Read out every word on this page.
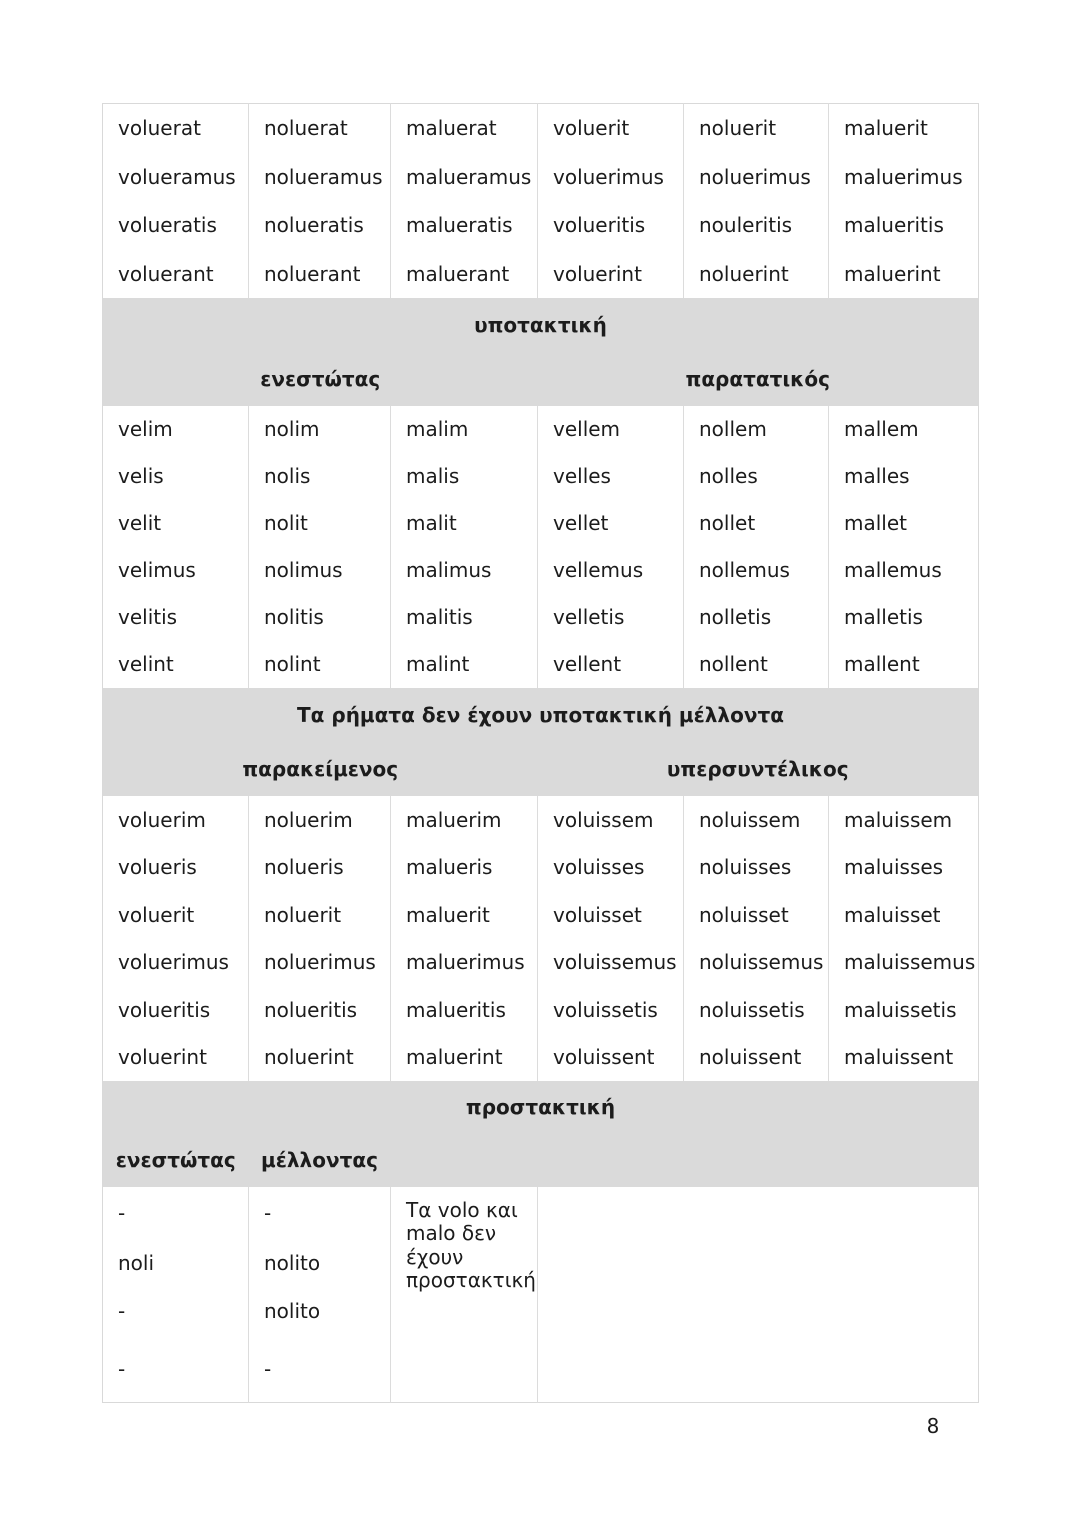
voluerat	noluerat	maluerat	voluerit	noluerit	maluerit
volueramus	nolueramus	malueramus	voluerimus	noluerimus	maluerimus
volueratis	nolueratis	malueratis	volueritis	nouleritis	malueritis
voluerant	noluerant	maluerant	voluerint	noluerint	maluerint
υποτακτική					
ενεστώτας			παρατατικός		
velim	nolim	malim	vellem	nollem	mallem
velis	nolis	malis	velles	nolles	malles
velit	nolit	malit	vellet	nollet	mallet
velimus	nolimus	malimus	vellemus	nollemus	mallemus
velitis	nolitis	malitis	velletis	nolletis	malletis
velint	nolint	malint	vellent	nollent	mallent
Τα ρήματα δεν έχουν υποτακτική μέλλοντα					
παρακείμενος			υπερσυντέλικος		
voluerim	noluerim	maluerim	voluissem	noluissem	maluissem
volueris	nolueris	malueris	voluisses	noluisses	maluisses
voluerit	noluerit	maluerit	voluisset	noluisset	maluisset
voluerimus	noluerimus	maluerimus	voluissemus	noluissemus	maluissemus
volueritis	nolueritis	malueritis	voluissetis	noluissetis	maluissetis
voluerint	noluerint	maluerint	voluissent	noluissent	maluissent
προστακτική					
ενεστώτας	μέλλοντας				
-	-	Τα volo και malo δεν έχουν προστακτική			
noli	nolito				
-	nolito				
-	-				
8
